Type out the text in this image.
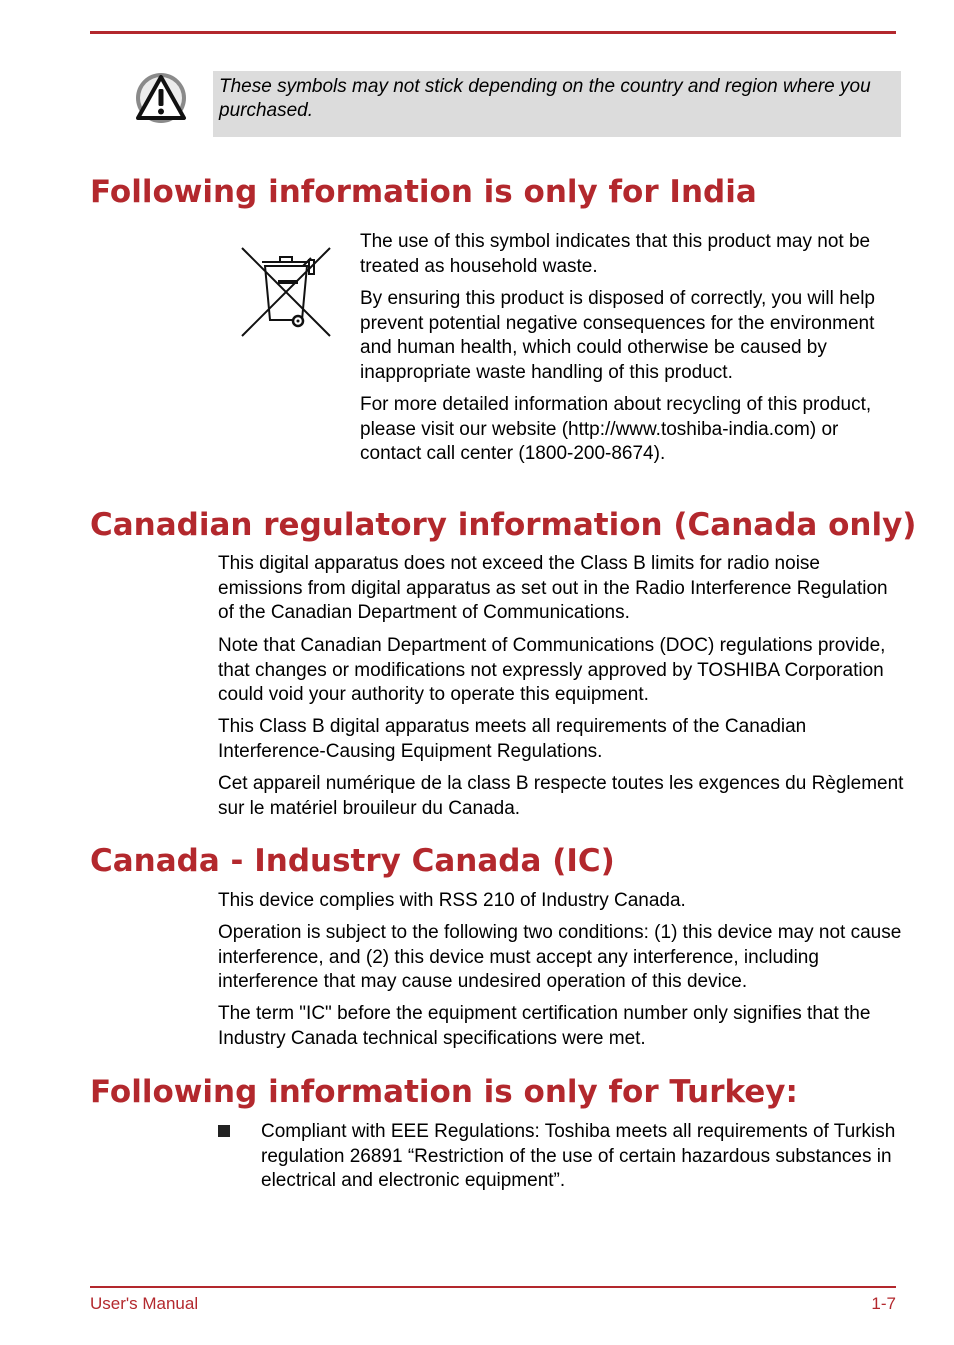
These symbols may not stick depending on the country and region where you purchased.
Following information is only for India

The use of this symbol indicates that this product may not be treated as household waste.

By ensuring this product is disposed of correctly, you will help prevent potential negative consequences for the environment and human health, which could otherwise be caused by inappropriate waste handling of this product.

For more detailed information about recycling of this product, please visit our website (http://www.toshiba-india.com) or contact call center (1800-200-8674).

Canadian regulatory information (Canada only)

This digital apparatus does not exceed the Class B limits for radio noise emissions from digital apparatus as set out in the Radio Interference Regulation of the Canadian Department of Communications.

Note that Canadian Department of Communications (DOC) regulations provide, that changes or modifications not expressly approved by TOSHIBA Corporation could void your authority to operate this equipment.

This Class B digital apparatus meets all requirements of the Canadian Interference-Causing Equipment Regulations.

Cet appareil numérique de la class B respecte toutes les exgences du Règlement sur le matériel brouileur du Canada.

Canada - Industry Canada (IC)

This device complies with RSS 210 of Industry Canada.

Operation is subject to the following two conditions: (1) this device may not cause interference, and (2) this device must accept any interference, including interference that may cause undesired operation of this device.

The term "IC" before the equipment certification number only signifies that the Industry Canada technical specifications were met.

Following information is only for Turkey:

Compliant with EEE Regulations: Toshiba meets all requirements of Turkish regulation 26891 “Restriction of the use of certain hazardous substances in electrical and electronic equipment”.

User's Manual	1-7
